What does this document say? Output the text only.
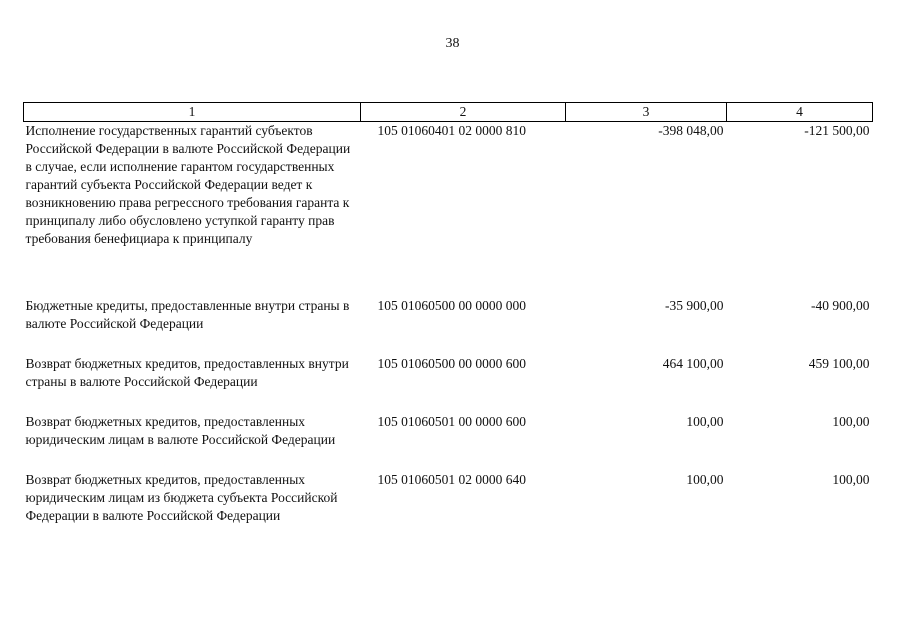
38
1	2	3	4
Исполнение государственных гарантий субъектов Российской Федерации в валюте Российской Федерации в случае, если исполнение гарантом государственных гарантий субъекта Российской Федерации ведет к возникновению права регрессного требования гаранта к принципалу либо обусловлено уступкой гаранту прав требования бенефициара к принципалу	105 01060401 02 0000 810	-398 048,00	-121 500,00
Бюджетные кредиты, предоставленные внутри страны в валюте Российской Федерации	105 01060500 00 0000 000	-35 900,00	-40 900,00
Возврат бюджетных кредитов, предоставленных внутри страны в валюте Российской Федерации	105 01060500 00 0000 600	464 100,00	459 100,00
Возврат бюджетных кредитов, предоставленных юридическим лицам в валюте Российской Федерации	105 01060501 00 0000 600	100,00	100,00
Возврат бюджетных кредитов, предоставленных юридическим лицам из бюджета субъекта Российской Федерации в валюте Российской Федерации	105 01060501 02 0000 640	100,00	100,00
